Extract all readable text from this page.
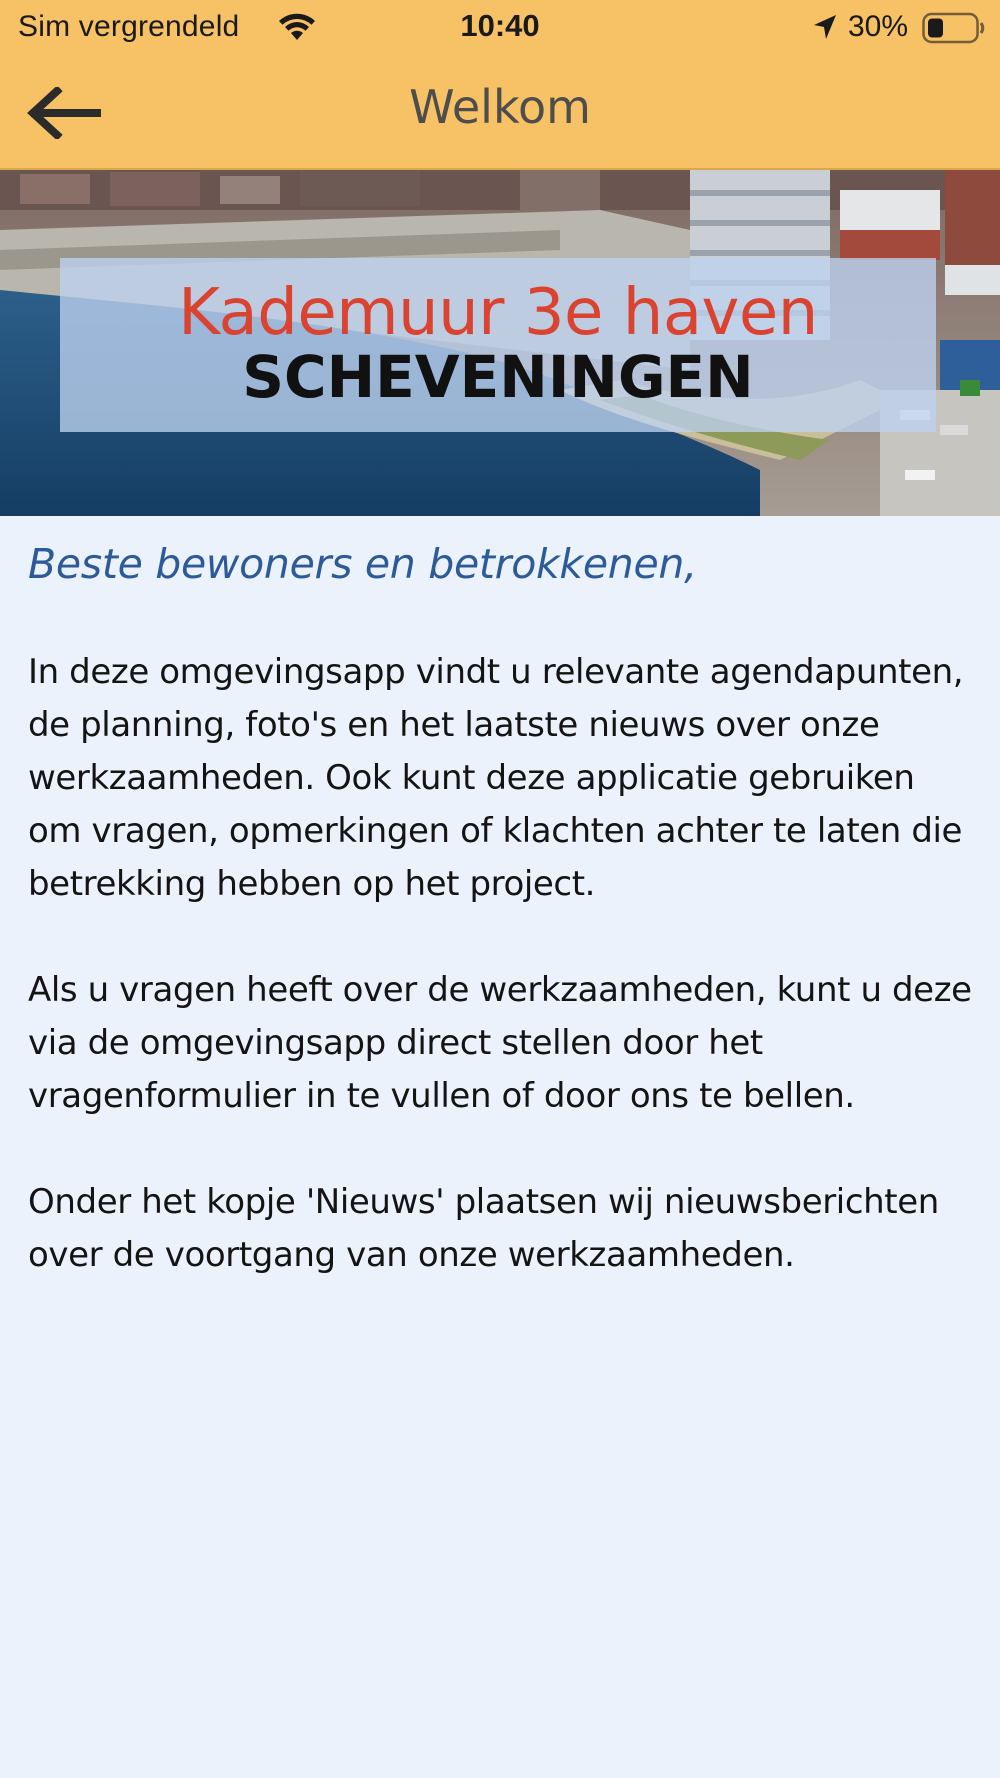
Sim vergrendeld	10:40	30%
Welkom
Kademuur 3e haven
SCHEVENINGEN

Beste bewoners en betrokkenen,

In deze omgevingsapp vindt u relevante agendapunten, de planning, foto's en het laatste nieuws over onze werkzaamheden. Ook kunt deze applicatie gebruiken om vragen, opmerkingen of klachten achter te laten die betrekking hebben op het project.

Als u vragen heeft over de werkzaamheden, kunt u deze via de omgevingsapp direct stellen door het vragenformulier in te vullen of door ons te bellen.

Onder het kopje 'Nieuws' plaatsen wij nieuwsberichten over de voortgang van onze werkzaamheden.
